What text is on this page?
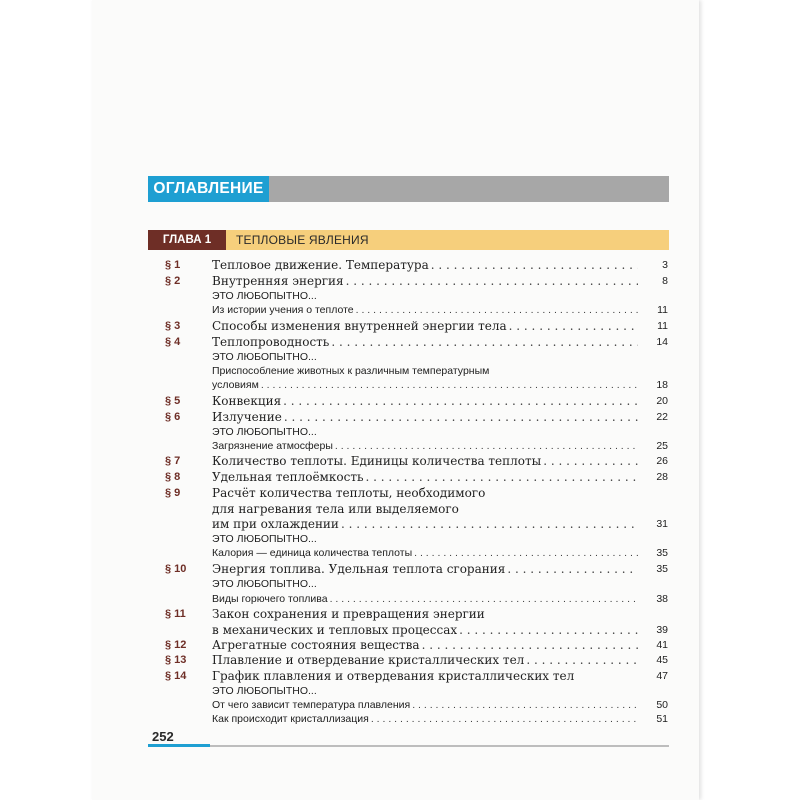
ОГЛАВЛЕНИЕ
ГЛАВА 1	ТЕПЛОВЫЕ ЯВЛЕНИЯ
§ 1	Тепловое движение. Температура . . .	3
§ 2	Внутренняя энергия . . .	8
ЭТО ЛЮБОПЫТНО...
Из истории учения о теплоте . . .	11
§ 3	Способы изменения внутренней энергии тела . . .	11
§ 4	Теплопроводность . . .	14
ЭТО ЛЮБОПЫТНО...
Приспособление животных к различным температурным
условиям . . .	18
§ 5	Конвекция . . .	20
§ 6	Излучение . . .	22
ЭТО ЛЮБОПЫТНО...
Загрязнение атмосферы . . .	25
§ 7	Количество теплоты. Единицы количества теплоты . . .	26
§ 8	Удельная теплоёмкость . . .	28
§ 9	Расчёт количества теплоты, необходимого
для нагревания тела или выделяемого
им при охлаждении . . .	31
ЭТО ЛЮБОПЫТНО...
Калория — единица количества теплоты . . .	35
§ 10	Энергия топлива. Удельная теплота сгорания . . .	35
ЭТО ЛЮБОПЫТНО...
Виды горючего топлива . . .	38
§ 11	Закон сохранения и превращения энергии
в механических и тепловых процессах . . .	39
§ 12	Агрегатные состояния вещества . . .	41
§ 13	Плавление и отвердевание кристаллических тел . . .	45
§ 14	График плавления и отвердевания кристаллических тел	47
ЭТО ЛЮБОПЫТНО...
От чего зависит температура плавления . . .	50
Как происходит кристаллизация . . .	51
252
